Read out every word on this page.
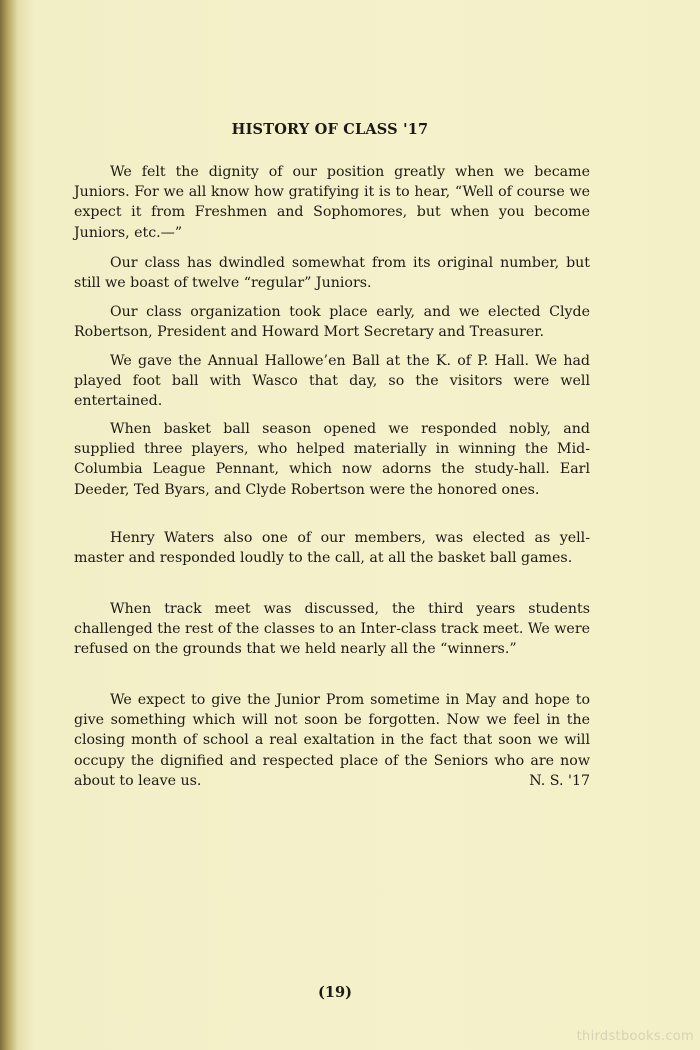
HISTORY OF CLASS '17

We felt the dignity of our position greatly when we became Juniors. For we all know how gratifying it is to hear, “Well of course we expect it from Freshmen and Sophomores, but when you become Juniors, etc.—”

Our class has dwindled somewhat from its original number, but still we boast of twelve “regular” Juniors.

Our class organization took place early, and we elected Clyde Robertson, President and Howard Mort Secretary and Treasurer.

We gave the Annual Hallowe’en Ball at the K. of P. Hall. We had played foot ball with Wasco that day, so the visitors were well entertained.

When basket ball season opened we responded nobly, and supplied three players, who helped materially in winning the Mid-Columbia League Pennant, which now adorns the study-hall. Earl Deeder, Ted Byars, and Clyde Robertson were the honored ones.

Henry Waters also one of our members, was elected as yell-master and responded loudly to the call, at all the basket ball games.

When track meet was discussed, the third years students challenged the rest of the classes to an Inter-class track meet. We were refused on the grounds that we held nearly all the “winners.”

We expect to give the Junior Prom sometime in May and hope to give something which will not soon be forgotten. Now we feel in the closing month of school a real exaltation in the fact that soon we will occupy the dignified and respected place of the Seniors who are now about to leave us.	N. S. '17
(19)
thirdstbooks.com
